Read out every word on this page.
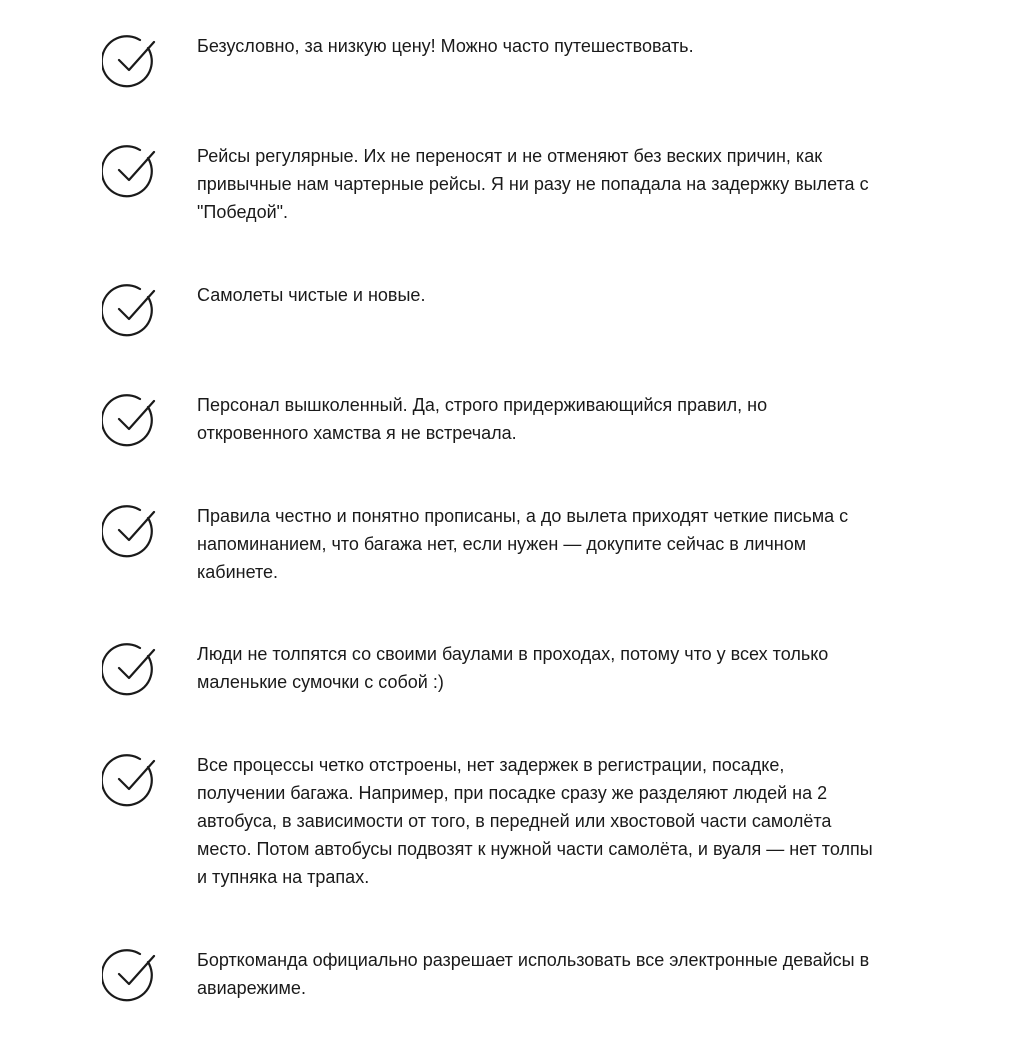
Безусловно, за низкую цену! Можно часто путешествовать.

Рейсы регулярные. Их не переносят и не отменяют без веских причин, как привычные нам чартерные рейсы. Я ни разу не попадала на задержку вылета с "Победой".

Самолеты чистые и новые.

Персонал вышколенный. Да, строго придерживающийся правил, но откровенного хамства я не встречала.

Правила честно и понятно прописаны, а до вылета приходят четкие письма с напоминанием, что багажа нет, если нужен — докупите сейчас в личном кабинете.

Люди не толпятся со своими баулами в проходах, потому что у всех только маленькие сумочки с собой :)

Все процессы четко отстроены, нет задержек в регистрации, посадке, получении багажа. Например, при посадке сразу же разделяют людей на 2 автобуса, в зависимости от того, в передней или хвостовой части самолёта место. Потом автобусы подвозят к нужной части самолёта, и вуаля — нет толпы и тупняка на трапах.

Борткоманда официально разрешает использовать все электронные девайсы в авиарежиме.
